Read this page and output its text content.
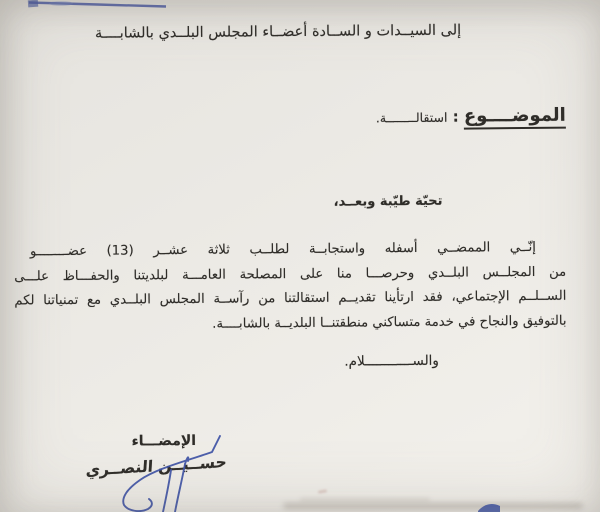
إلى السيــدات و الســادة أعضــاء المجلس البلــدي بالشابــــة
الموضــــوع : استقالــــــــة.
تحيّة طيّبة وبعــد،
إنّــي الممضــي أسفله واستجابــة لطلــب ثلاثة عشــر (13) عضــــــــو
من المجلــس البلــدي وحرصـــا منا على المصلحة العامـــة لبلديتنا والحفـــاظ علـــى
الســلــم الإجتماعي، فقد ارتأينا تقديــم استقالتنا من رآســة المجلس البلــدي مع تمنياتنا لكم
بالتوفيق والنجاح في خدمة متساكني منطقتنــا البلديــة بالشابــــة.
والســــــــــــلام.
الإمضـــاء
حســيــن النصــري
